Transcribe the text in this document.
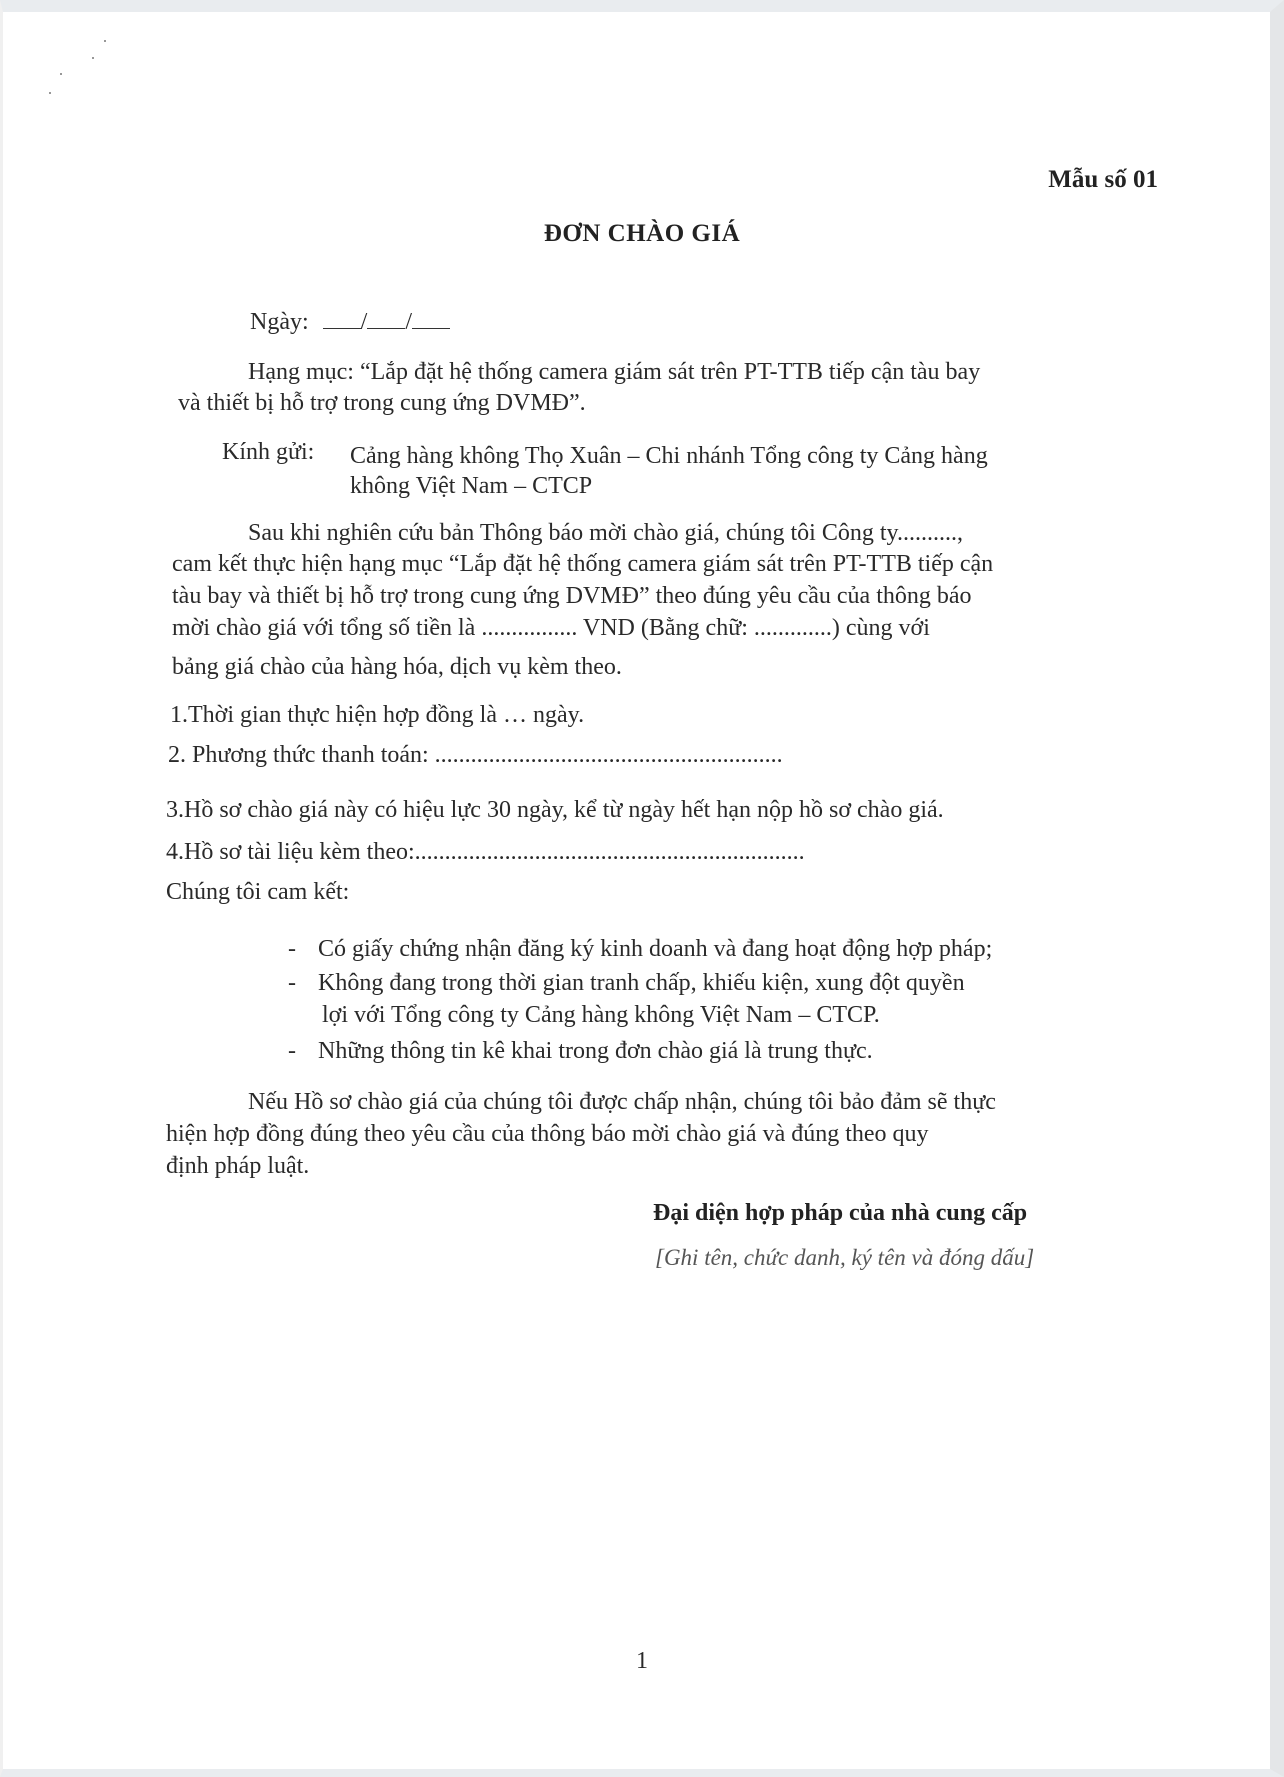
Mẫu số 01
ĐƠN CHÀO GIÁ
Ngày: / /
Hạng mục: “Lắp đặt hệ thống camera giám sát trên PT-TTB tiếp cận tàu bay
và thiết bị hỗ trợ trong cung ứng DVMĐ”.
Kính gửi: Cảng hàng không Thọ Xuân – Chi nhánh Tổng công ty Cảng hàng
không Việt Nam – CTCP
Sau khi nghiên cứu bản Thông báo mời chào giá, chúng tôi Công ty..........,
cam kết thực hiện hạng mục “Lắp đặt hệ thống camera giám sát trên PT-TTB tiếp cận
tàu bay và thiết bị hỗ trợ trong cung ứng DVMĐ” theo đúng yêu cầu của thông báo
mời chào giá với tổng số tiền là ................ VND (Bằng chữ: .............) cùng với
bảng giá chào của hàng hóa, dịch vụ kèm theo.
1.Thời gian thực hiện hợp đồng là … ngày.
2. Phương thức thanh toán: ..........................................................
3.Hồ sơ chào giá này có hiệu lực 30 ngày, kể từ ngày hết hạn nộp hồ sơ chào giá.
4.Hồ sơ tài liệu kèm theo:.................................................................
Chúng tôi cam kết:
- Có giấy chứng nhận đăng ký kinh doanh và đang hoạt động hợp pháp;
- Không đang trong thời gian tranh chấp, khiếu kiện, xung đột quyền
lợi với Tổng công ty Cảng hàng không Việt Nam – CTCP.
- Những thông tin kê khai trong đơn chào giá là trung thực.
Nếu Hồ sơ chào giá của chúng tôi được chấp nhận, chúng tôi bảo đảm sẽ thực
hiện hợp đồng đúng theo yêu cầu của thông báo mời chào giá và đúng theo quy
định pháp luật.
Đại diện hợp pháp của nhà cung cấp
[Ghi tên, chức danh, ký tên và đóng dấu]
1
